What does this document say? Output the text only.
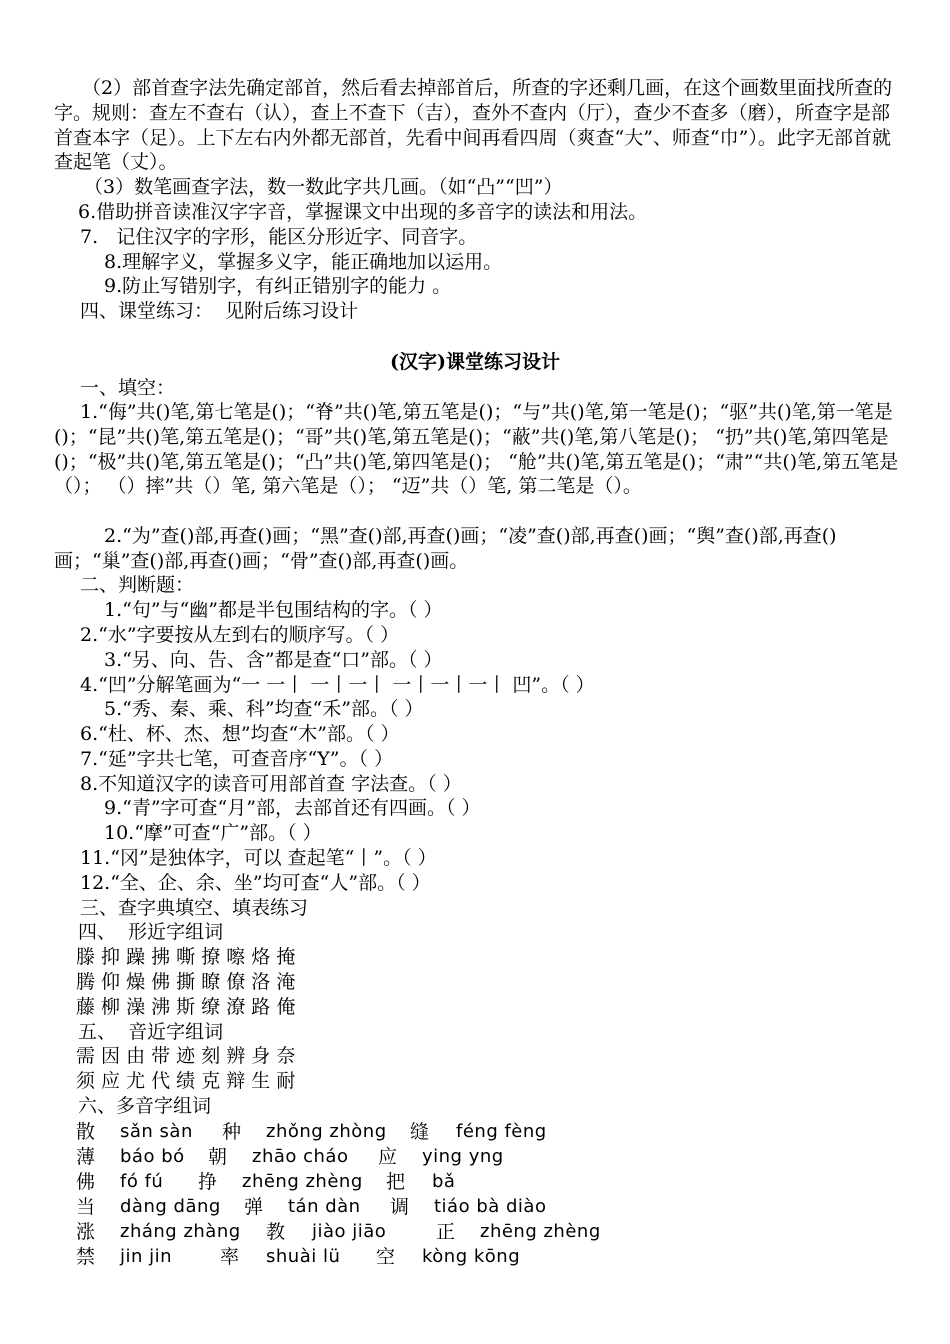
（2）部首查字法先确定部首，然后看去掉部首后，所查的字还剩几画，在这个画数里面找所查的字。规则：查左不查右（认），查上不查下（吉），查外不查内（厅），查少不查多（磨），所查字是部首查本字（足）。上下左右内外都无部首，先看中间再看四周（爽查“大”、师查“巾”）。此字无部首就查起笔（丈）。

（3）数笔画查字法，数一数此字共几画。（如“凸”“凹”）

6.借助拼音读准汉字字音，掌握课文中出现的多音字的读法和用法。

7.   记住汉字的字形，能区分形近字、同音字。

8.理解字义，掌握多义字，能正确地加以运用。

9.防止写错别字，有纠正错别字的能力 。

四、课堂练习：  见附后练习设计

(汉字)课堂练习设计

一、填空：

1.“侮”共()笔,第七笔是()；“脊”共()笔,第五笔是()；“与”共()笔,第一笔是()；“驱”共()笔,第一笔是()；“昆”共()笔,第五笔是()；“哥”共()笔,第五笔是()；“蔽”共()笔,第八笔是()； “扔”共()笔,第四笔是()；“极”共()笔,第五笔是()；“凸”共()笔,第四笔是()； “舱”共()笔,第五笔是()；“肃”“共()笔,第五笔是（）； （）摔”共（）笔, 第六笔是（）； “迈”共（）笔, 第二笔是（）。

2.“为”查()部,再查()画；“黑”查()部,再查()画；“凌”查()部,再查()画；“舆”查()部,再查()画；“巢”查()部,再查()画；“骨”查()部,再查()画。

二、判断题：

1.“句”与“幽”都是半包围结构的字。（ ）

2.“水”字要按从左到右的顺序写。（ ）

3.“另、向、告、含”都是查“口”部。（ ）

4.“凹”分解笔画为“一 一丨 一丨一丨 一丨一丨一丨 凹”。（ ）

5.“秀、秦、乘、科”均查“禾”部。（ ）

6.“杜、杯、杰、想”均查“木”部。（ ）

7.“延”字共七笔，可查音序“Y”。（ ）

8.不知道汉字的读音可用部首查 字法查。（ ）

9.“青”字可查“月”部，去部首还有四画。（ ）

10.“摩”可查“广”部。（ ）

11.“冈”是独体字，可以 查起笔“丨”。（ ）

12.“全、企、余、坐”均可查“人”部。（ ）

三、查字典填空、填表练习

四、  形近字组词

滕 抑 躁 拂 嘶 撩 嚓 烙 掩

腾 仰 燥 佛 撕 瞭 僚 洛 淹

藤 柳 澡 沸 斯 缭 潦 路 俺

五、  音近字组词

需 因 由 带 迹 刻 辨 身 奈

须 应 尤 代 绩 克 辩 生 耐

六、多音字组词

散 sǎn sàn 种 zhǒng zhòng 缝 féng fèng
薄 báo bó 朝 zhāo cháo 应 ying yng
佛 fó fú 挣 zhēng zhèng 把 bǎ
当 dàng dāng 弹 tán dàn 调 tiáo bà diào
涨 zháng zhàng 教 jiào jiāo	正 zhēng zhèng
禁 jin jin	率 shuài lü 空 kòng kōng
